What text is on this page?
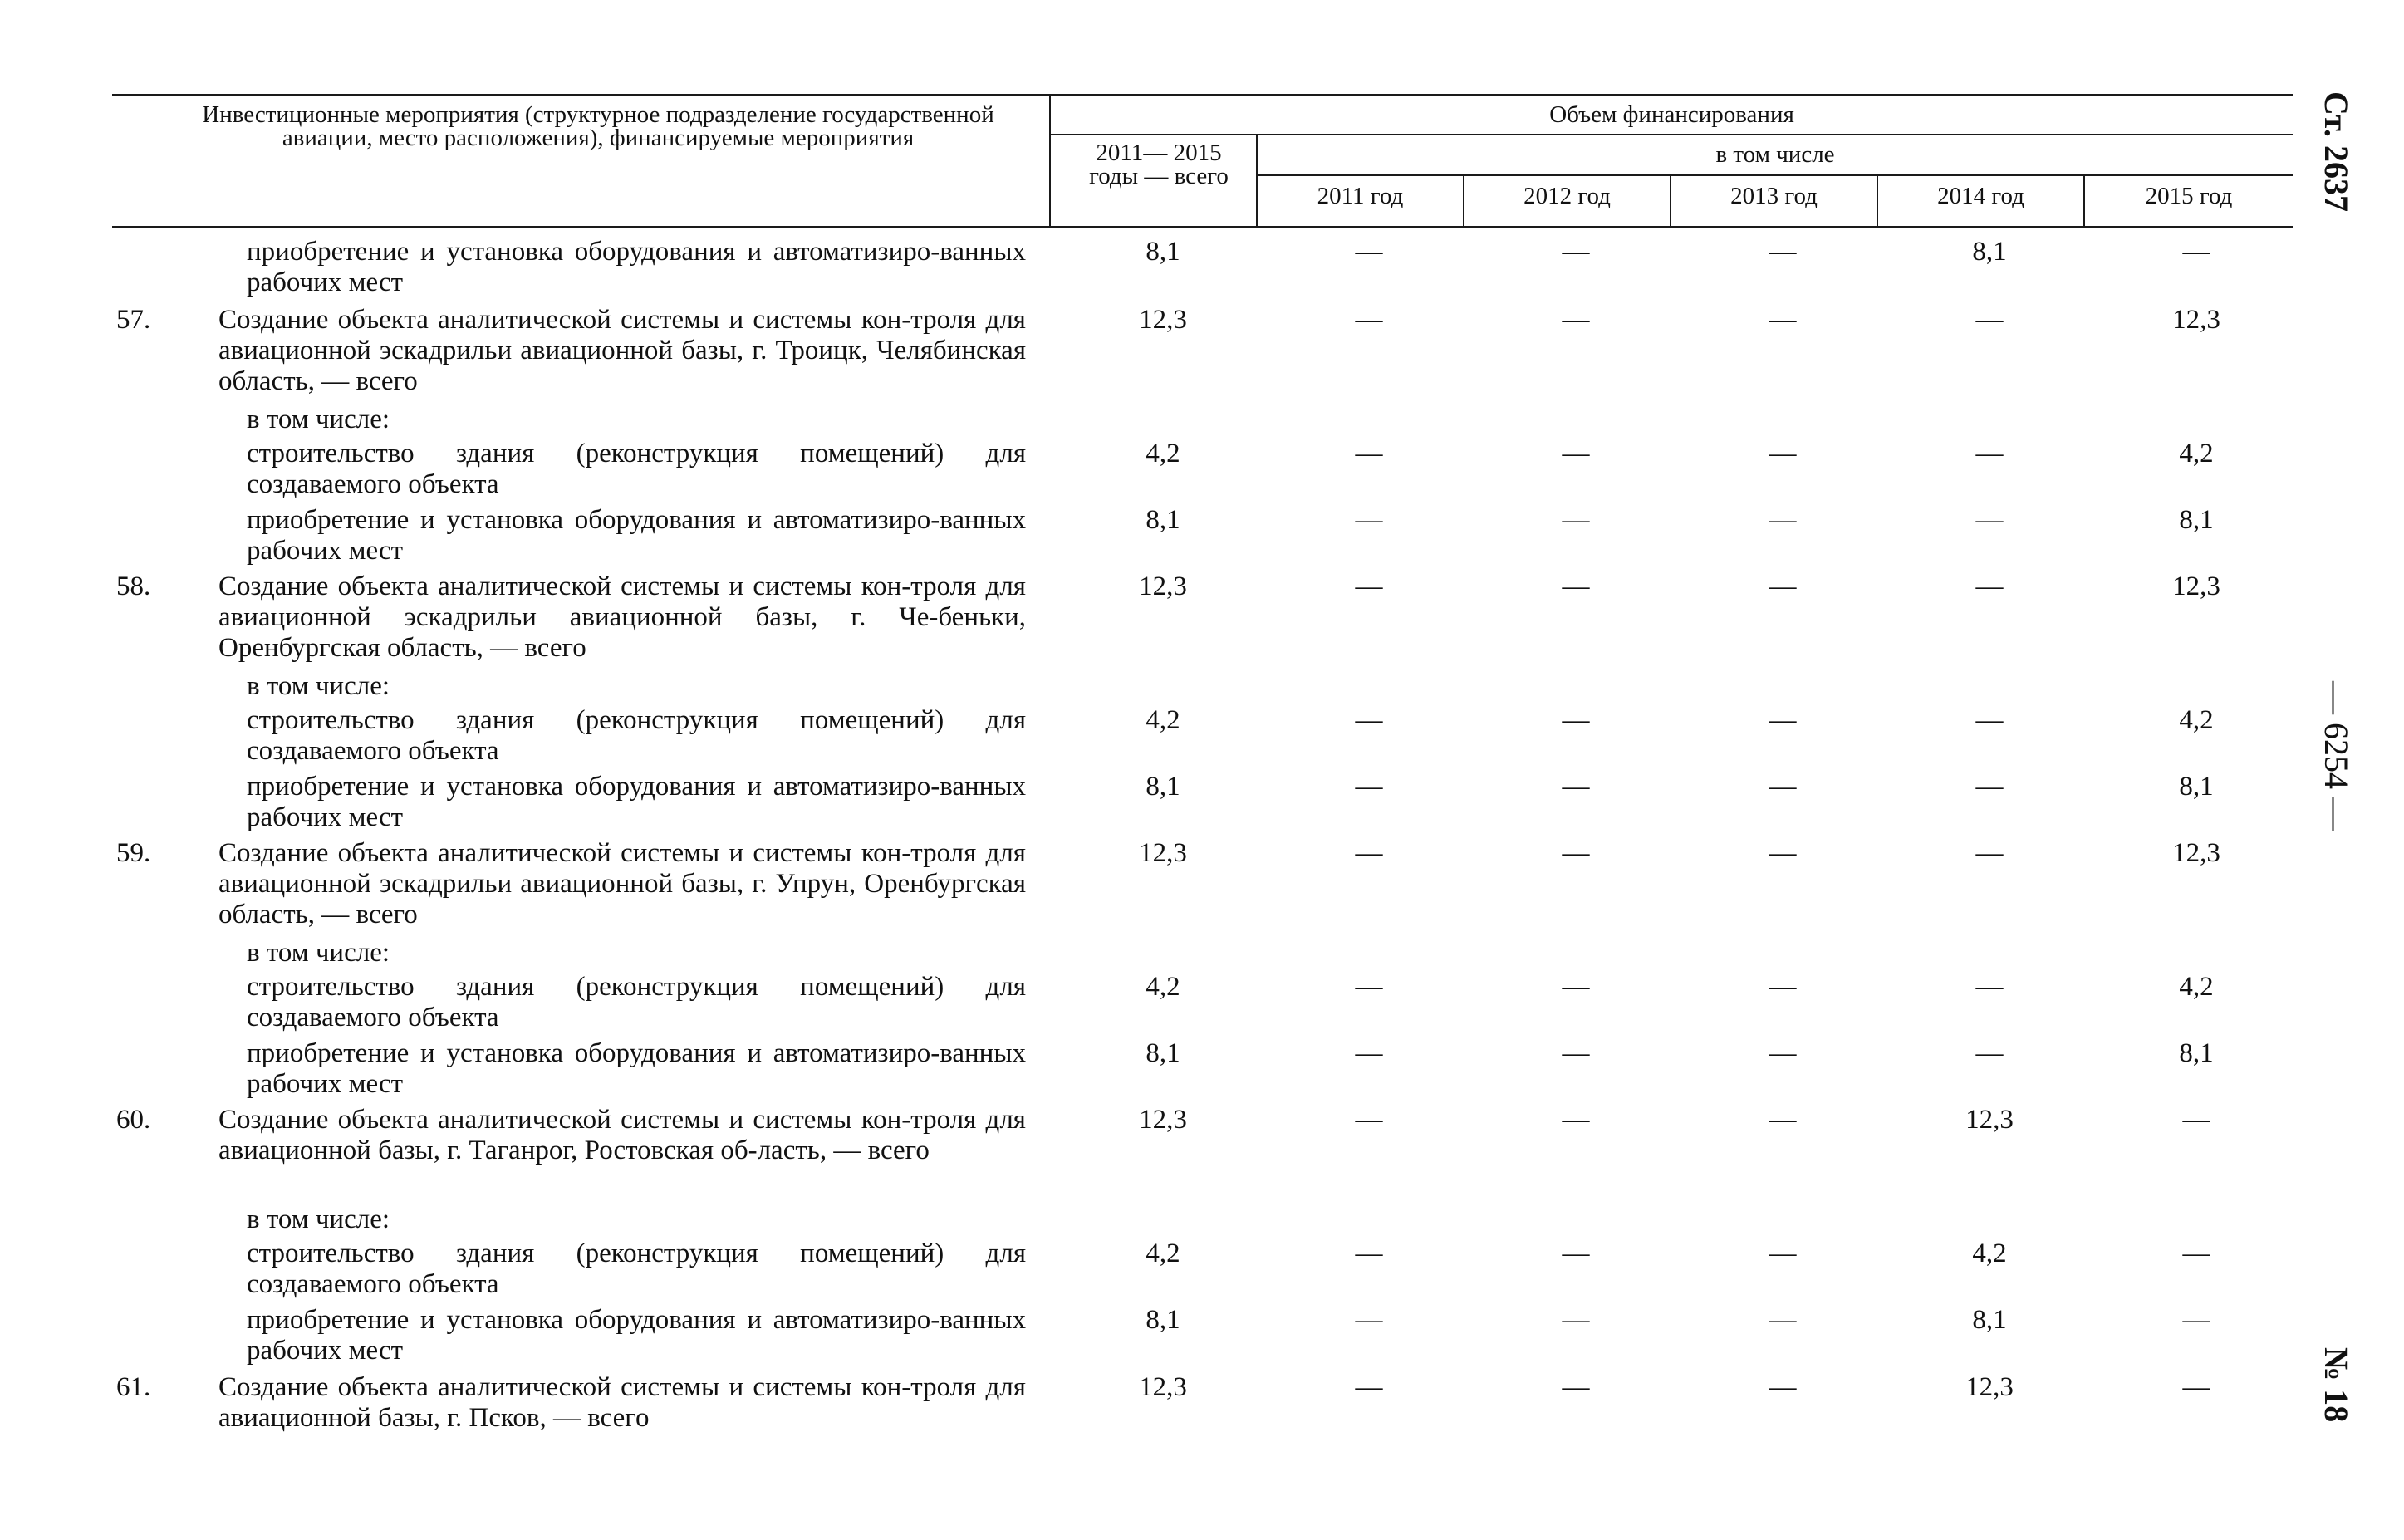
Инвестиционные мероприятия (структурное подразделение государственной авиации, место расположения), финансируемые мероприятия
Объем финансирования
2011— 2015 годы — всего
в том числе
2011 год	2012 год	2013 год	2014 год	2015 год
приобретение и установка оборудования и автоматизиро-ванных рабочих мест
8,1	—	—	—	8,1	—
57. Создание объекта аналитической системы и системы кон-троля для авиационной эскадрильи авиационной базы, г. Троицк, Челябинская область, — всего
12,3	—	—	—	—	12,3
в том числе:
строительство здания (реконструкция помещений) для создаваемого объекта
4,2	—	—	—	—	4,2
приобретение и установка оборудования и автоматизиро-ванных рабочих мест
8,1	—	—	—	—	8,1
58. Создание объекта аналитической системы и системы кон-троля для авиационной эскадрильи авиационной базы, г. Че-беньки, Оренбургская область, — всего
12,3	—	—	—	—	12,3
в том числе:
строительство здания (реконструкция помещений) для создаваемого объекта
4,2	—	—	—	—	4,2
приобретение и установка оборудования и автоматизиро-ванных рабочих мест
8,1	—	—	—	—	8,1
59. Создание объекта аналитической системы и системы кон-троля для авиационной эскадрильи авиационной базы, г. Упрун, Оренбургская область, — всего
12,3	—	—	—	—	12,3
в том числе:
строительство здания (реконструкция помещений) для создаваемого объекта
4,2	—	—	—	—	4,2
приобретение и установка оборудования и автоматизиро-ванных рабочих мест
8,1	—	—	—	—	8,1
60. Создание объекта аналитической системы и системы кон-троля для авиационной базы, г. Таганрог, Ростовская об-ласть, — всего
12,3	—	—	—	12,3	—
в том числе:
строительство здания (реконструкция помещений) для создаваемого объекта
4,2	—	—	—	4,2	—
приобретение и установка оборудования и автоматизиро-ванных рабочих мест
8,1	—	—	—	8,1	—
61. Создание объекта аналитической системы и системы кон-троля для авиационной базы, г. Псков, — всего
12,3	—	—	—	12,3	—
Ст. 2637
— 6254 —
№ 18
